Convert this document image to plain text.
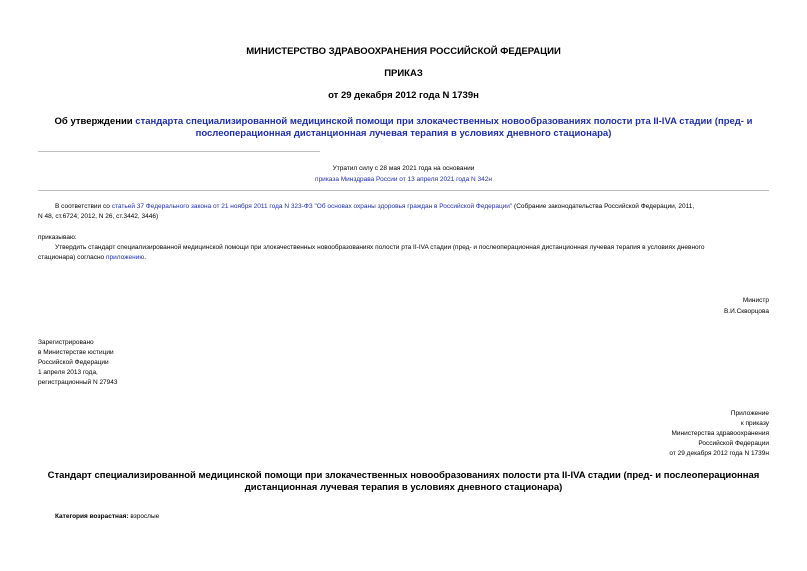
МИНИСТЕРСТВО ЗДРАВООХРАНЕНИЯ РОССИЙСКОЙ ФЕДЕРАЦИИ
ПРИКАЗ
от 29 декабря 2012 года N 1739н
Об утверждении стандарта специализированной медицинской помощи при злокачественных новообразованиях полости рта II-IVA стадии (пред- и
послеоперационная дистанционная лучевая терапия в условиях дневного стационара)
Утратил силу с 28 мая 2021 года на основании
приказа Минздрава России от 13 апреля 2021 года N 342н
В соответствии со статьей 37 Федерального закона от 21 ноября 2011 года N 323-ФЗ "Об основах охраны здоровья граждан в Российской Федерации" (Собрание законодательства Российской Федерации, 2011,
N 48, ст.6724; 2012, N 26, ст.3442, 3446)
приказываю:
Утвердить стандарт специализированной медицинской помощи при злокачественных новообразованиях полости рта II-IVA стадии (пред- и послеоперационная дистанционная лучевая терапия в условиях дневного
стационара) согласно приложению.
Министр
В.И.Скворцова
Зарегистрировано
в Министерстве юстиции
Российской Федерации
1 апреля 2013 года,
регистрационный N 27943
Приложение
к приказу
Министерства здравоохранения
Российской Федерации
от 29 декабря 2012 года N 1739н
Стандарт специализированной медицинской помощи при злокачественных новообразованиях полости рта II-IVA стадии (пред- и послеоперационная
дистанционная лучевая терапия в условиях дневного стационара)
Категория возрастная: взрослые
